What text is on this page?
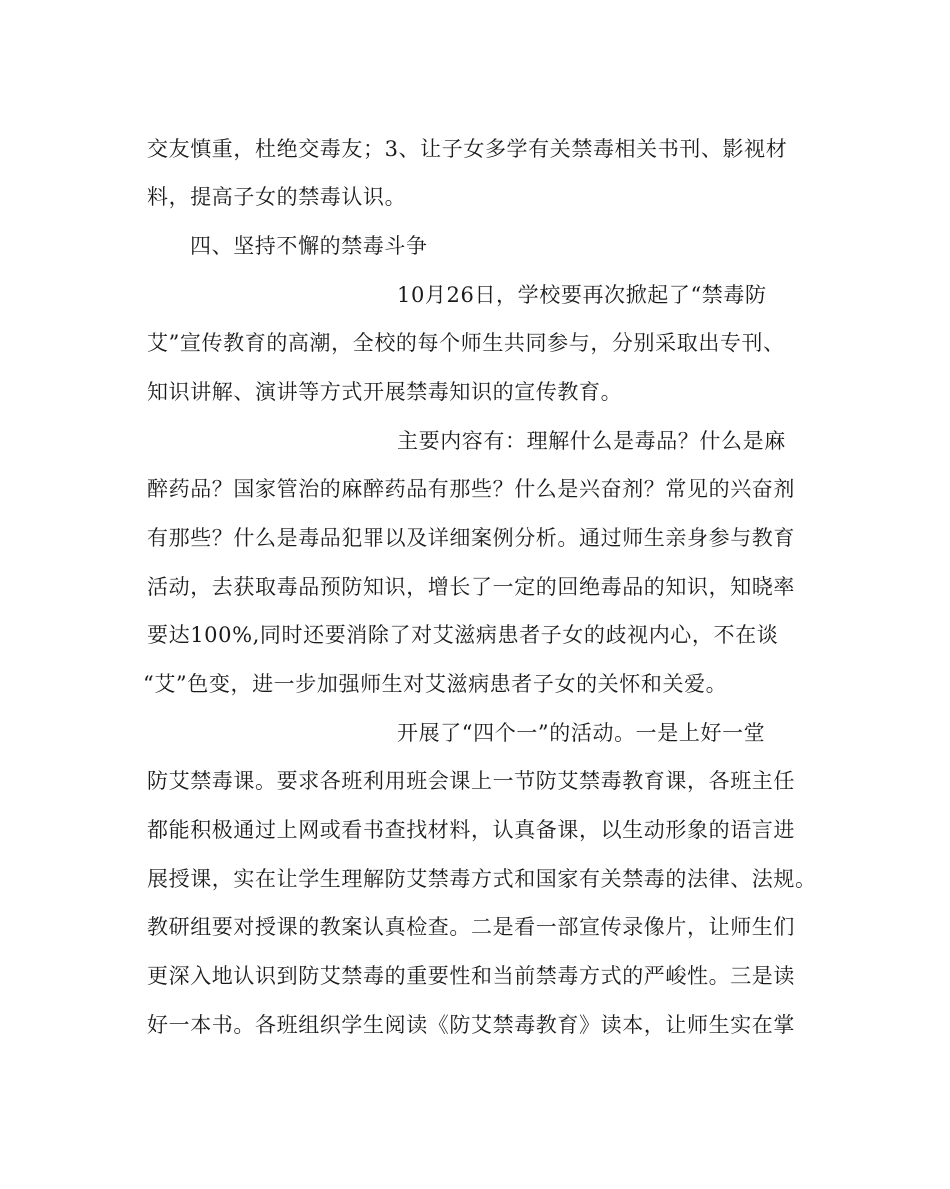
交友慎重，杜绝交毒友；3、让子女多学有关禁毒相关书刊、影视材
料，提高子女的禁毒认识。
四、坚持不懈的禁毒斗争
10月26日，学校要再次掀起了“禁毒防
艾”宣传教育的高潮，全校的每个师生共同参与，分别采取出专刊、
知识讲解、演讲等方式开展禁毒知识的宣传教育。
主要内容有：理解什么是毒品？什么是麻
醉药品？国家管治的麻醉药品有那些？什么是兴奋剂？常见的兴奋剂
有那些？什么是毒品犯罪以及详细案例分析。通过师生亲身参与教育
活动，去获取毒品预防知识，增长了一定的回绝毒品的知识，知晓率
要达100%,同时还要消除了对艾滋病患者子女的歧视内心，不在谈
“艾”色变，进一步加强师生对艾滋病患者子女的关怀和关爱。
开展了“四个一”的活动。一是上好一堂
防艾禁毒课。要求各班利用班会课上一节防艾禁毒教育课，各班主任
都能积极通过上网或看书查找材料，认真备课，以生动形象的语言进
展授课，实在让学生理解防艾禁毒方式和国家有关禁毒的法律、法规。
教研组要对授课的教案认真检查。二是看一部宣传录像片，让师生们
更深入地认识到防艾禁毒的重要性和当前禁毒方式的严峻性。三是读
好一本书。各班组织学生阅读《防艾禁毒教育》读本，让师生实在掌
